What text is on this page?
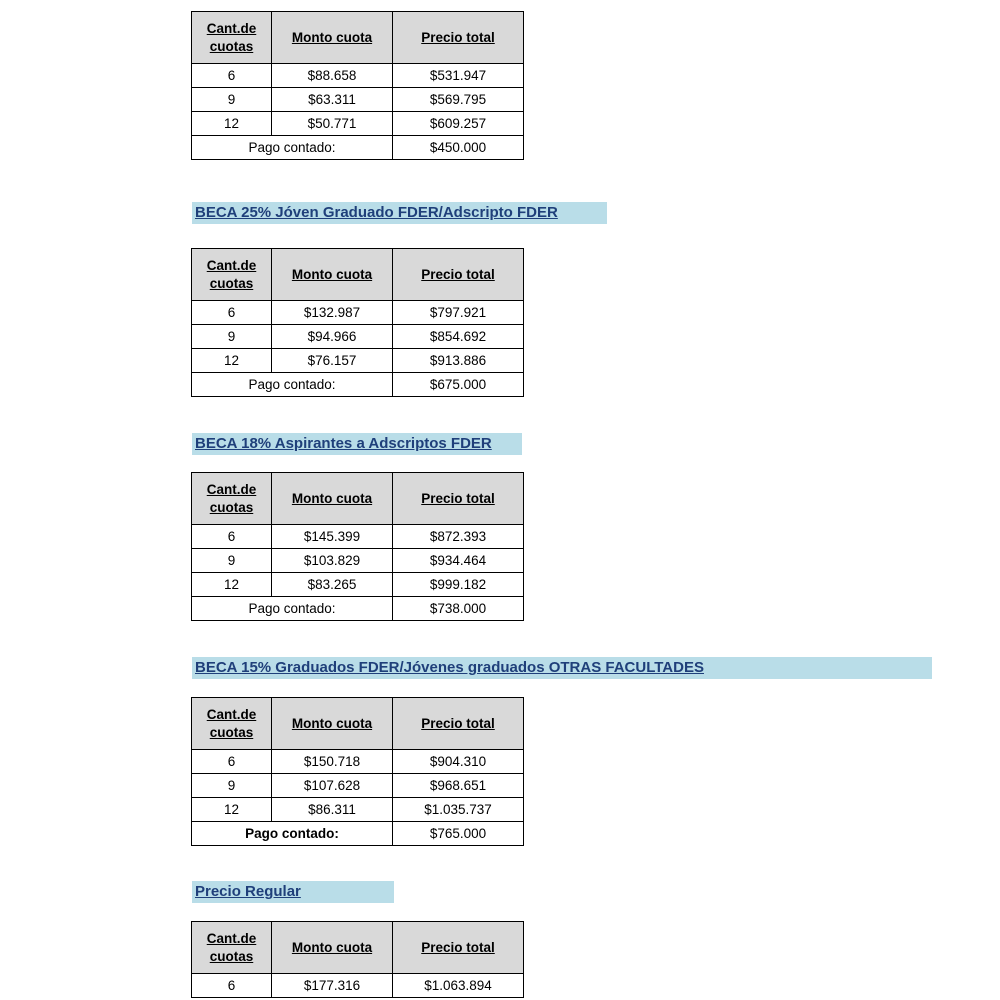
Cant.de cuotas	Monto cuota	Precio total
6	$88.658	$531.947
9	$63.311	$569.795
12	$50.771	$609.257
Pago contado:		$450.000
BECA 25% Jóven Graduado FDER/Adscripto FDER
Cant.de cuotas	Monto cuota	Precio total
6	$132.987	$797.921
9	$94.966	$854.692
12	$76.157	$913.886
Pago contado:		$675.000
BECA 18% Aspirantes a Adscriptos FDER
Cant.de cuotas	Monto cuota	Precio total
6	$145.399	$872.393
9	$103.829	$934.464
12	$83.265	$999.182
Pago contado:		$738.000
BECA 15% Graduados FDER/Jóvenes graduados OTRAS FACULTADES
Cant.de cuotas	Monto cuota	Precio total
6	$150.718	$904.310
9	$107.628	$968.651
12	$86.311	$1.035.737
Pago contado:		$765.000
Precio Regular
Cant.de cuotas	Monto cuota	Precio total
6	$177.316	$1.063.894
